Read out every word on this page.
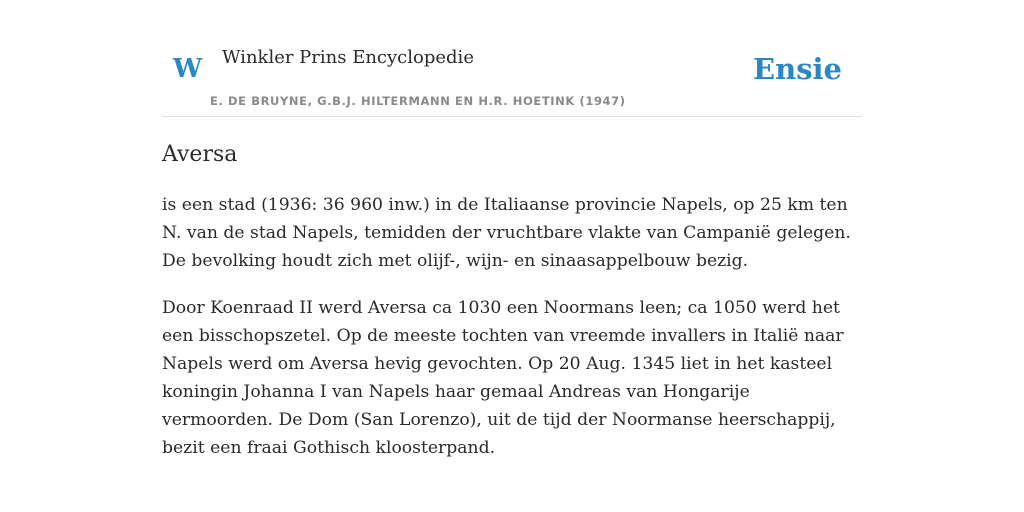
W Winkler Prins Encyclopedie
E. DE BRUYNE, G.B.J. HILTERMANN EN H.R. HOETINK (1947)
Ensie
Aversa

is een stad (1936: 36 960 inw.) in de Italiaanse provincie Napels, op 25 km ten N. van de stad Napels, temidden der vruchtbare vlakte van Campanië gelegen. De bevolking houdt zich met olijf-, wijn- en sinaasappelbouw bezig.

Door Koenraad II werd Aversa ca 1030 een Noormans leen; ca 1050 werd het een bisschopszetel. Op de meeste tochten van vreemde invallers in Italië naar Napels werd om Aversa hevig gevochten. Op 20 Aug. 1345 liet in het kasteel koningin Johanna I van Napels haar gemaal Andreas van Hongarije vermoorden. De Dom (San Lorenzo), uit de tijd der Noormanse heerschappij, bezit een fraai Gothisch kloosterpand.
